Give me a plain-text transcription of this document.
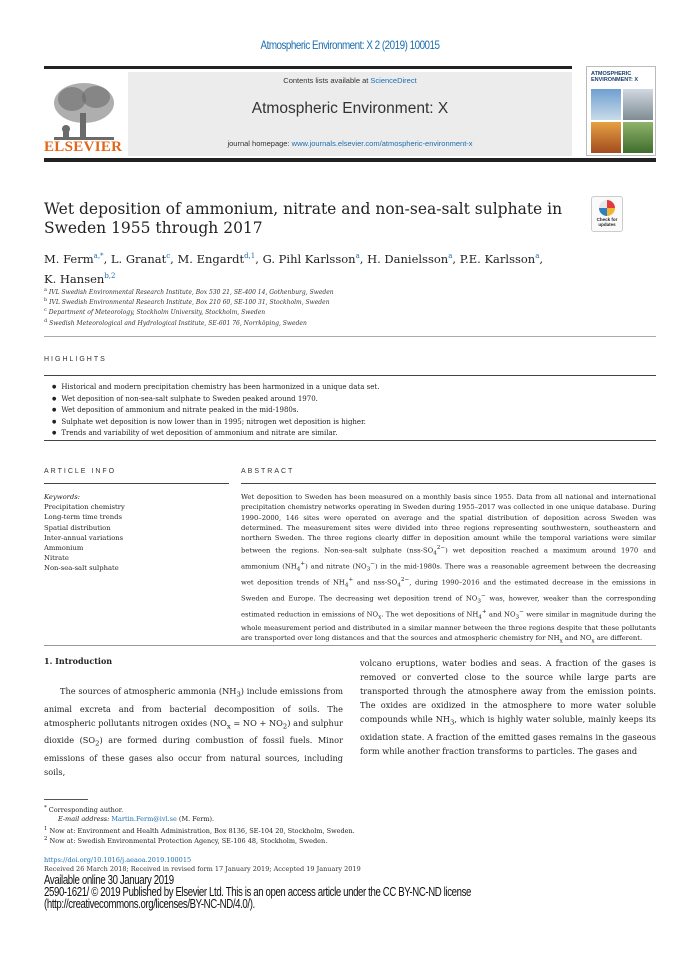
Atmospheric Environment: X 2 (2019) 100015
ELSEVIER
Contents lists available at ScienceDirect
Atmospheric Environment: X
journal homepage: www.journals.elsevier.com/atmospheric-environment-x
ATMOSPHERIC ENVIRONMENT: X
Wet deposition of ammonium, nitrate and non-sea-salt sulphate in Sweden 1955 through 2017	Check for
updates
M. Ferm$^{a,*}$, L. Granat$^c$, M. Engardt$^{d,1}$, G. Pihl Karlsson$^a$, H. Danielsson$^a$, P.E. Karlsson$^a$,
K. Hansen$^{b,2}$
$^a$ IVL Swedish Environmental Research Institute, Box 530 21, SE-400 14, Gothenburg, Sweden
$^b$ IVL Swedish Environmental Research Institute, Box 210 60, SE-100 31, Stockholm, Sweden
$^c$ Department of Meteorology, Stockholm University, Stockholm, Sweden
$^d$ Swedish Meteorological and Hydrological Institute, SE-601 76, Norrköping, Sweden
HIGHLIGHTS
● Historical and modern precipitation chemistry has been harmonized in a unique data set.
● Wet deposition of non-sea-salt sulphate to Sweden peaked around 1970.
● Wet deposition of ammonium and nitrate peaked in the mid-1980s.
● Sulphate wet deposition is now lower than in 1995; nitrogen wet deposition is higher.
● Trends and variability of wet deposition of ammonium and nitrate are similar.
ARTICLE INFO
Keywords:
Precipitation chemistry
Long-term time trends
Spatial distribution
Inter-annual variations
Ammonium
Nitrate
Non-sea-salt sulphate
ABSTRACT
Wet deposition to Sweden has been measured on a monthly basis since 1955. Data from all national and international precipitation chemistry networks operating in Sweden during 1955–2017 was collected in one unique database. During 1990–2000, 146 sites were operated on average and the spatial distribution of deposition across Sweden was determined. The measurement sites were divided into three regions representing southwestern, southeastern and northern Sweden. The three regions clearly differ in deposition amount while the temporal variations were similar between the regions. Non-sea-salt sulphate $(nss-SO_4^{2-})$ wet deposition reached a maximum around 1970 and ammonium $(NH_4^+)$ and nitrate $(NO_3^-)$ in the mid-1980s. There was a reasonable agreement between the decreasing wet deposition trends of $NH_4^+$ and nss-$SO_4^{2-}$, during 1990–2016 and the estimated decrease in the emissions in Sweden and Europe. The decreasing wet deposition trend of $NO_3^-$ was, however, weaker than the corresponding estimated reduction in emissions of $NO_x$. The wet depositions of $NH_4^+$ and $NO_3^-$ were similar in magnitude during the whole measurement period and distributed in a similar manner between the three regions despite that these pollutants are transported over long distances and that the sources and atmospheric chemistry for $NH_x$ and $NO_x$ are different.
1. Introduction
The sources of atmospheric ammonia $(NH_3)$ include emissions from animal excreta and from bacterial decomposition of soils. The atmospheric pollutants nitrogen oxides ($NO_x$ = NO + $NO_2$) and sulphur dioxide $(SO_2)$ are formed during combustion of fossil fuels. Minor emissions of these gases also occur from natural sources, including soils,
volcano eruptions, water bodies and seas. A fraction of the gases is removed or converted close to the source while large parts are transported through the atmosphere away from the emission points. The oxides are oxidized in the atmosphere to more water soluble compounds while $NH_3$, which is highly water soluble, mainly keeps its oxidation state. A fraction of the emitted gases remains in the gaseous form while another fraction transforms to particles. The gases and
* Corresponding author.
E-mail address: Martin.Ferm@ivl.se (M. Ferm).
$^1$ Now at: Environment and Health Administration, Box 8136, SE-104 20, Stockholm, Sweden.
$^2$ Now at: Swedish Environmental Protection Agency, SE-106 48, Stockholm, Sweden.
https://doi.org/10.1016/j.aeaoa.2019.100015
Received 26 March 2018; Received in revised form 17 January 2019; Accepted 19 January 2019
Available online 30 January 2019
2590-1621/ © 2019 Published by Elsevier Ltd. This is an open access article under the CC BY-NC-ND license
(http://creativecommons.org/licenses/BY-NC-ND/4.0/).
